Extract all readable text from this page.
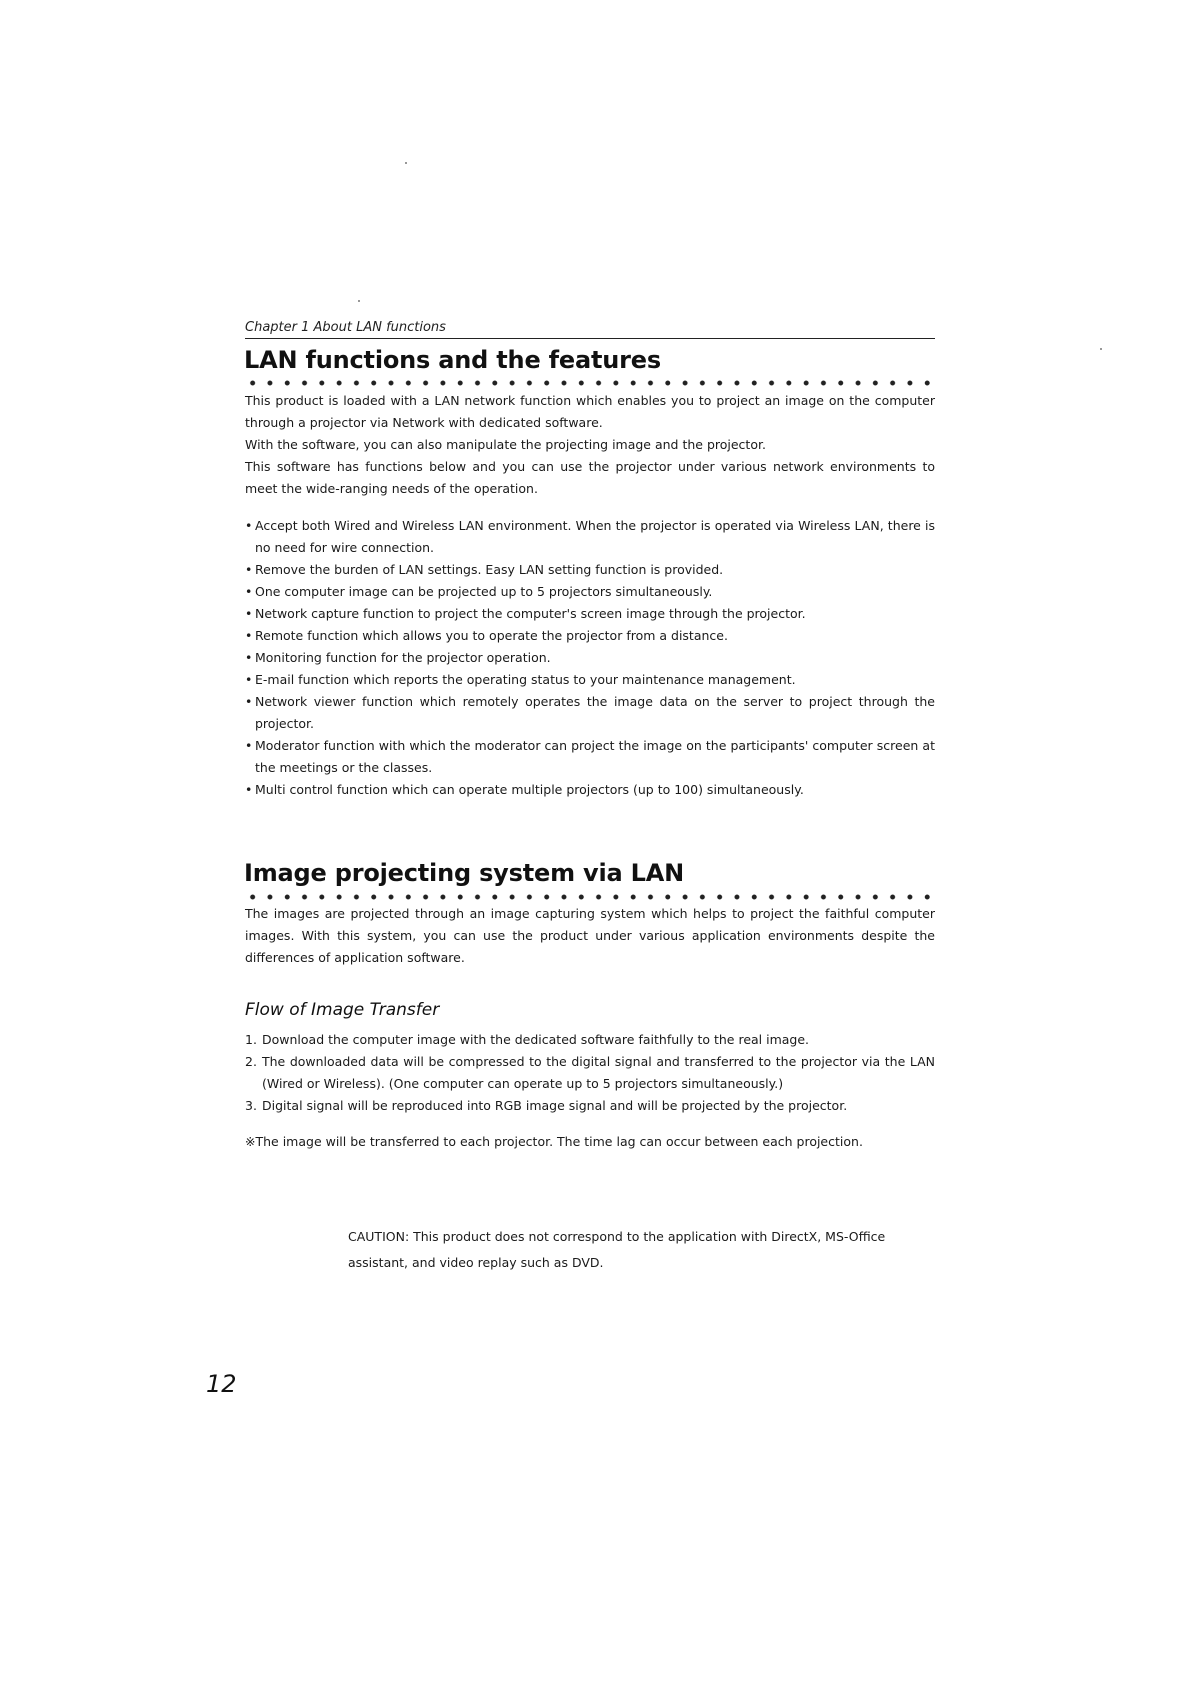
Chapter 1 About LAN functions
LAN functions and the features

This product is loaded with a LAN network function which enables you to project an image on the computer through a projector via Network with dedicated software.

With the software, you can also manipulate the projecting image and the projector.

This software has functions below and you can use the projector under various network environments to meet the wide-ranging needs of the operation.

• Accept both Wired and Wireless LAN environment. When the projector is operated via Wireless LAN, there is no need for wire connection.
• Remove the burden of LAN settings. Easy LAN setting function is provided.
• One computer image can be projected up to 5 projectors simultaneously.
• Network capture function to project the computer's screen image through the projector.
• Remote function which allows you to operate the projector from a distance.
• Monitoring function for the projector operation.
• E-mail function which reports the operating status to your maintenance management.
• Network viewer function which remotely operates the image data on the server to project through the projector.
• Moderator function with which the moderator can project the image on the participants' computer screen at the meetings or the classes.
• Multi control function which can operate multiple projectors (up to 100) simultaneously.
Image projecting system via LAN

The images are projected through an image capturing system which helps to project the faithful computer images. With this system, you can use the product under various application environments despite the differences of application software.

Flow of Image Transfer
1. Download the computer image with the dedicated software faithfully to the real image.
2. The downloaded data will be compressed to the digital signal and transferred to the projector via the LAN (Wired or Wireless). (One computer can operate up to 5 projectors simultaneously.)
3. Digital signal will be reproduced into RGB image signal and will be projected by the projector.

※The image will be transferred to each projector. The time lag can occur between each projection.

CAUTION: This product does not correspond to the application with DirectX, MS-Office assistant, and video replay such as DVD.

12
